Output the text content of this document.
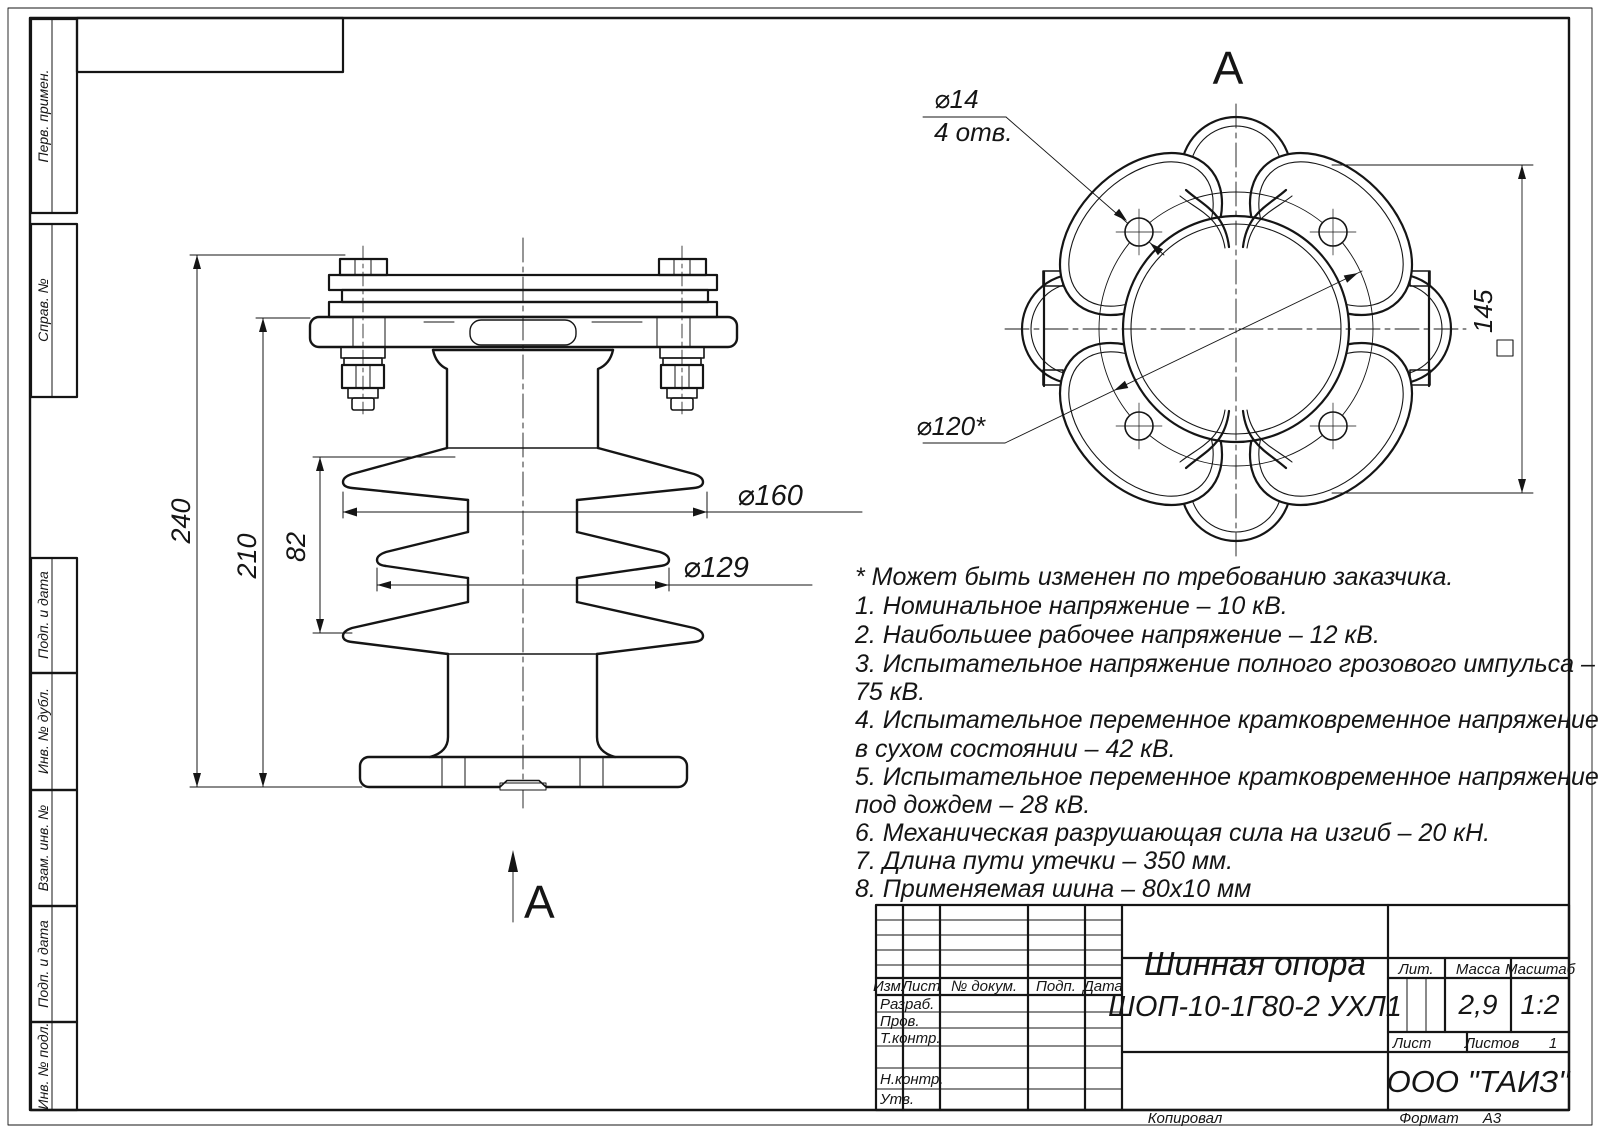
Перв. примен.
Справ. №
Подп. и дата
Инв. № дубл.
Взам. инв. №
Подп. и дата
Инв. № подл.
240
210 82
⌀160
⌀129
А
А
⌀14
4 отв.
⌀120*
145
* Может быть изменен по требованию заказчика.
1. Номинальное напряжение – 10 кВ.
2. Наибольшее рабочее напряжение – 12 кВ.
3. Испытательное напряжение полного грозового импульса –
75 кВ.
4. Испытательное переменное кратковременное напряжение
в сухом состоянии – 42 кВ.
5. Испытательное переменное кратковременное напряжение
под дождем – 28 кВ.
6. Механическая разрушающая сила на изгиб – 20 кН.
7. Длина пути утечки – 350 мм.
8. Применяемая шина – 80x10 мм
Изм.
Лист № докум. Подп. Дата
Разраб.
Пров.
Т.контр.
Н.контр.
Утв.
Шинная опора
ШОП-10-1Г80-2 УХЛ1
Лит. Масса Масштаб
2,9 1:2
Лист Листов 1
ООО "ТАИЗ"
Копировал	Формат А3
